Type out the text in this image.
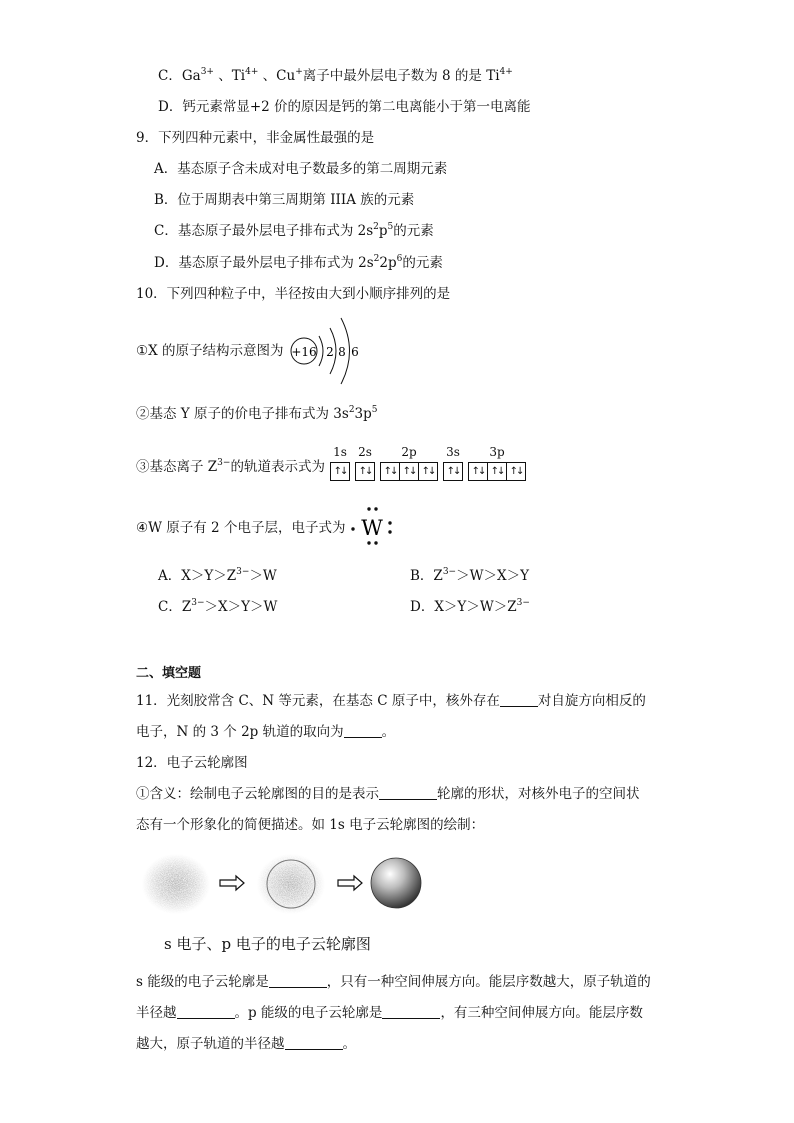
C．$Ga^{3+}$ 、$Ti^{4+}$ 、Cu+离子中最外层电子数为 8 的是 $Ti^{4+}$
D．钙元素常显+2 价的原因是钙的第二电离能小于第一电离能
9．下列四种元素中，非金属性最强的是
A．基态原子含未成对电子数最多的第二周期元素
B．位于周期表中第三周期第 IIIA 族的元素
C．基态原子最外层电子排布式为 $2s^2p^5$的元素
D．基态原子最外层电子排布式为 $2s^22p^6$的元素
10．下列四种粒子中，半径按由大到小顺序排列的是
①X 的原子结构示意图为 +16 2 8 6
②基态 Y 原子的价电子排布式为 $3s^23p^5$
③基态离子 $Z^{3-}$的轨道表示式为
1s
↑↓
2s
↑↓
2p
↑↓ ↑↓ ↑↓
3s
↑↓
3p
↑↓ ↑↓ ↑↓
④W 原子有 2 个电子层，电子式为 W
A．$X>Y>Z^{3-}>W$	B．$Z^{3-}>W>X>Y$
C．$Z^{3-}>X>Y>W$	D．$X>Y>W>Z^{3-}$
二、填空题
11．光刻胶常含 C、N 等元素，在基态 C 原子中，核外存在	对自旋方向相反的
电子，N 的 3 个 2p 轨道的取向为	。
12．电子云轮廓图
①含义：绘制电子云轮廓图的目的是表示	轮廓的形状，对核外电子的空间状
态有一个形象化的简便描述。如 1s 电子云轮廓图的绘制：
s 电子、p 电子的电子云轮廓图
s 能级的电子云轮廓是	，只有一种空间伸展方向。能层序数越大，原子轨道的
半径越	。p 能级的电子云轮廓是	，有三种空间伸展方向。能层序数
越大，原子轨道的半径越	。
